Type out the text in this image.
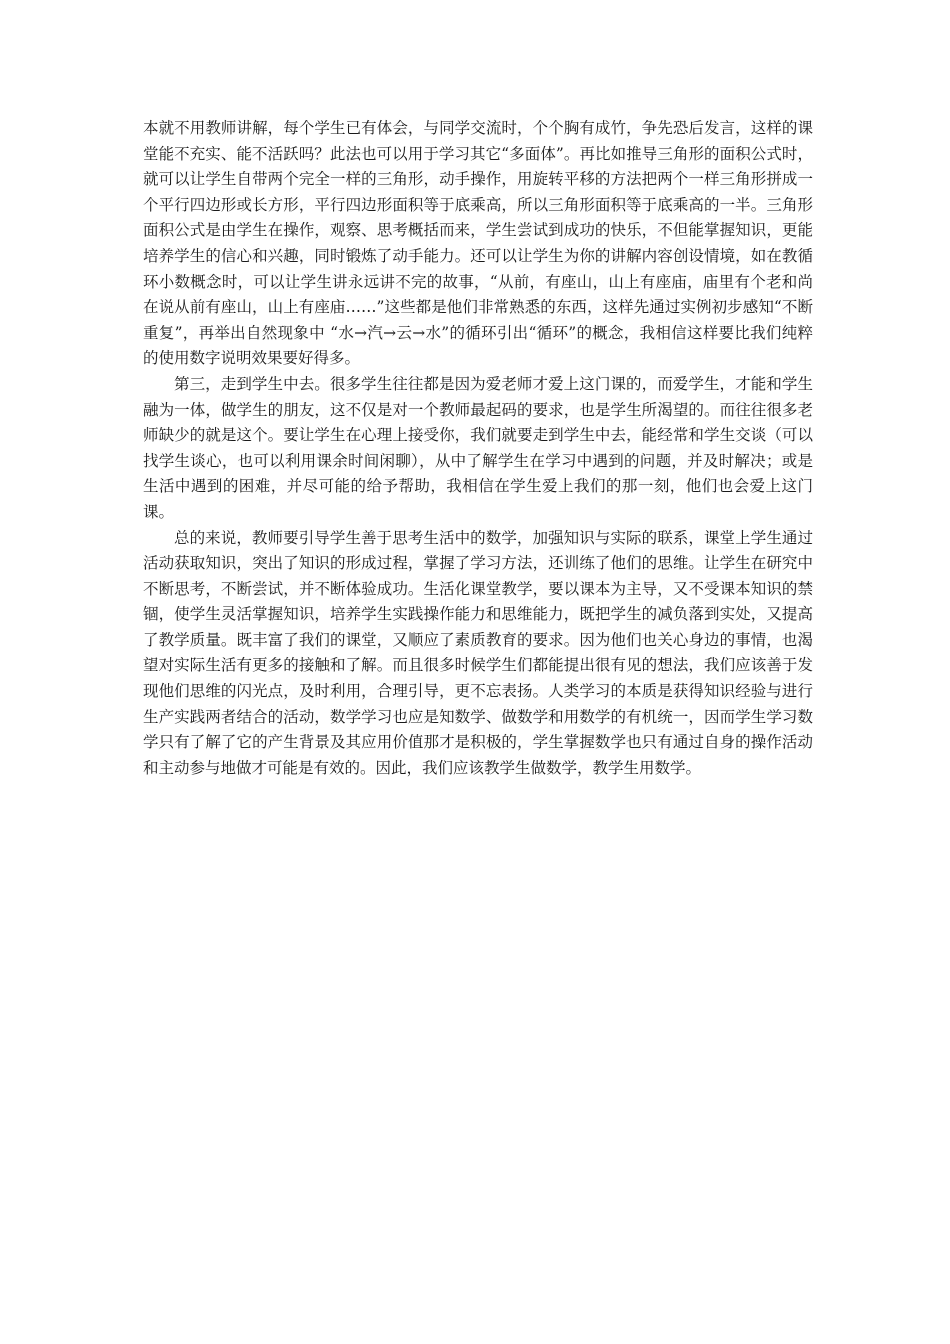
本就不用教师讲解，每个学生已有体会，与同学交流时，个个胸有成竹，争先恐后发言，这样的课堂能不充实、能不活跃吗？此法也可以用于学习其它“多面体”。再比如推导三角形的面积公式时，就可以让学生自带两个完全一样的三角形，动手操作，用旋转平移的方法把两个一样三角形拼成一个平行四边形或长方形，平行四边形面积等于底乘高，所以三角形面积等于底乘高的一半。三角形面积公式是由学生在操作，观察、思考概括而来，学生尝试到成功的快乐，不但能掌握知识，更能培养学生的信心和兴趣，同时锻炼了动手能力。还可以让学生为你的讲解内容创设情境，如在教循环小数概念时，可以让学生讲永远讲不完的故事，“从前，有座山，山上有座庙，庙里有个老和尚在说从前有座山，山上有座庙……”这些都是他们非常熟悉的东西，这样先通过实例初步感知“不断重复”，再举出自然现象中 “水→汽→云→水”的循环引出“循环”的概念，我相信这样要比我们纯粹的使用数字说明效果要好得多。

第三，走到学生中去。很多学生往往都是因为爱老师才爱上这门课的，而爱学生，才能和学生融为一体，做学生的朋友，这不仅是对一个教师最起码的要求，也是学生所渴望的。而往往很多老师缺少的就是这个。要让学生在心理上接受你，我们就要走到学生中去，能经常和学生交谈（可以找学生谈心，也可以利用课余时间闲聊），从中了解学生在学习中遇到的问题，并及时解决；或是生活中遇到的困难，并尽可能的给予帮助，我相信在学生爱上我们的那一刻，他们也会爱上这门课。

总的来说，教师要引导学生善于思考生活中的数学，加强知识与实际的联系，课堂上学生通过活动获取知识，突出了知识的形成过程，掌握了学习方法，还训练了他们的思维。让学生在研究中不断思考，不断尝试，并不断体验成功。生活化课堂教学，要以课本为主导，又不受课本知识的禁锢，使学生灵活掌握知识，培养学生实践操作能力和思维能力，既把学生的减负落到实处，又提高了教学质量。既丰富了我们的课堂，又顺应了素质教育的要求。因为他们也关心身边的事情，也渴望对实际生活有更多的接触和了解。而且很多时候学生们都能提出很有见的想法，我们应该善于发现他们思维的闪光点，及时利用，合理引导，更不忘表扬。人类学习的本质是获得知识经验与进行生产实践两者结合的活动，数学学习也应是知数学、做数学和用数学的有机统一，因而学生学习数学只有了解了它的产生背景及其应用价值那才是积极的，学生掌握数学也只有通过自身的操作活动和主动参与地做才可能是有效的。因此，我们应该教学生做数学，教学生用数学。
